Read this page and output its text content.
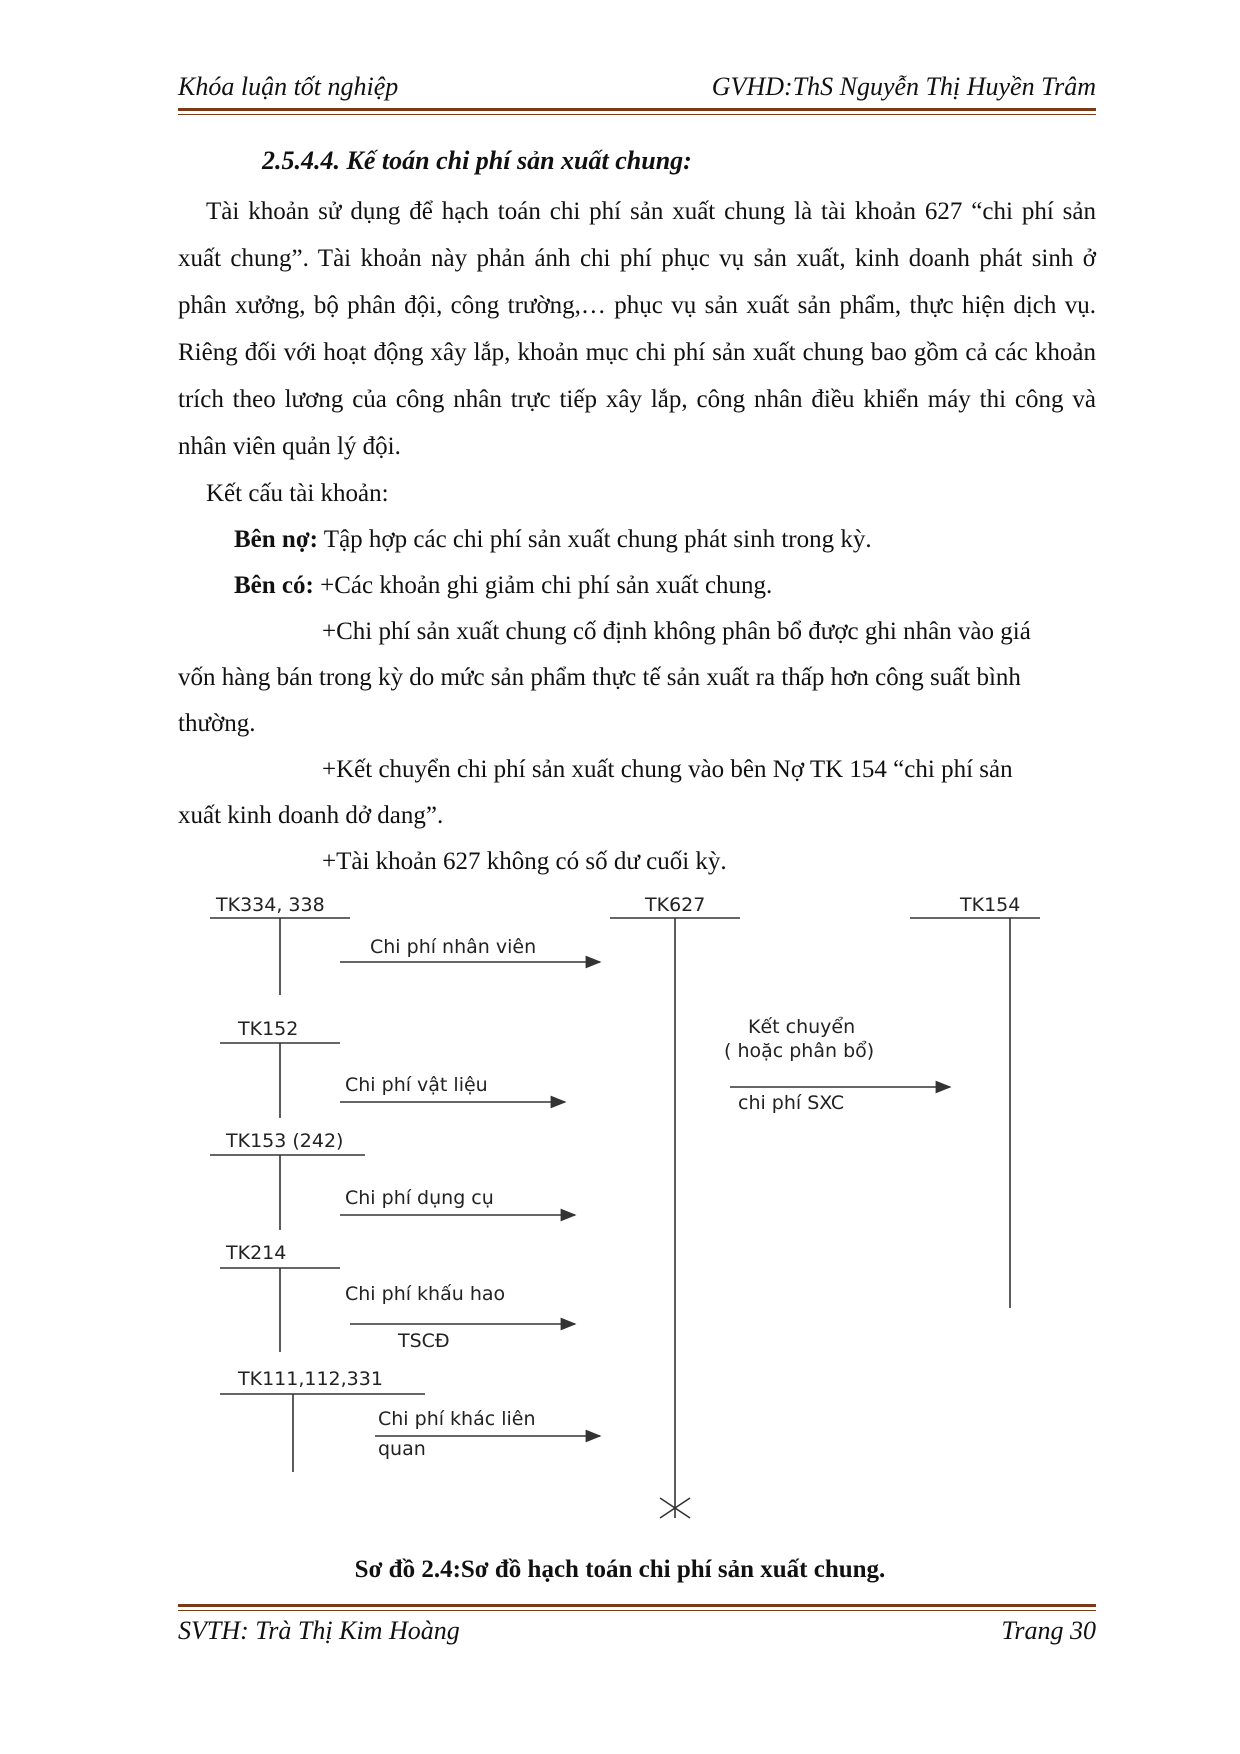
Khóa luận tốt nghiệp	GVHD:ThS Nguyễn Thị Huyền Trâm
2.5.4.4. Kế toán chi phí sản xuất chung:
Tài khoản sử dụng để hạch toán chi phí sản xuất chung là tài khoản 627 “chi phí sản xuất chung”. Tài khoản này phản ánh chi phí phục vụ sản xuất, kinh doanh phát sinh ở phân xưởng, bộ phân đội, công trường,… phục vụ sản xuất sản phẩm, thực hiện dịch vụ. Riêng đối với hoạt động xây lắp, khoản mục chi phí sản xuất chung bao gồm cả các khoản trích theo lương của công nhân trực tiếp xây lắp, công nhân điều khiển máy thi công và nhân viên quản lý đội.
Kết cấu tài khoản:
Bên nợ: Tập hợp các chi phí sản xuất chung phát sinh trong kỳ.
Bên có: +Các khoản ghi giảm chi phí sản xuất chung.
+Chi phí sản xuất chung cố định không phân bổ được ghi nhân vào giá
vốn hàng bán trong kỳ do mức sản phẩm thực tế sản xuất ra thấp hơn công suất bình
thường.
+Kết chuyển chi phí sản xuất chung vào bên Nợ TK 154 “chi phí sản
xuất kinh doanh dở dang”.
+Tài khoản 627 không có số dư cuối kỳ.
TK334, 338	TK627	TK154
Chi phí nhân viên
TK152
Chi phí vật liệu
Kết chuyển
( hoặc phân bổ)
chi phí SXC
TK153 (242)
Chi phí dụng cụ
TK214
Chi phí khấu hao
TSCĐ
TK111,112,331
Chi phí khác liên
quan
Sơ đồ 2.4:Sơ đồ hạch toán chi phí sản xuất chung.
SVTH: Trà Thị Kim Hoàng	Trang 30
